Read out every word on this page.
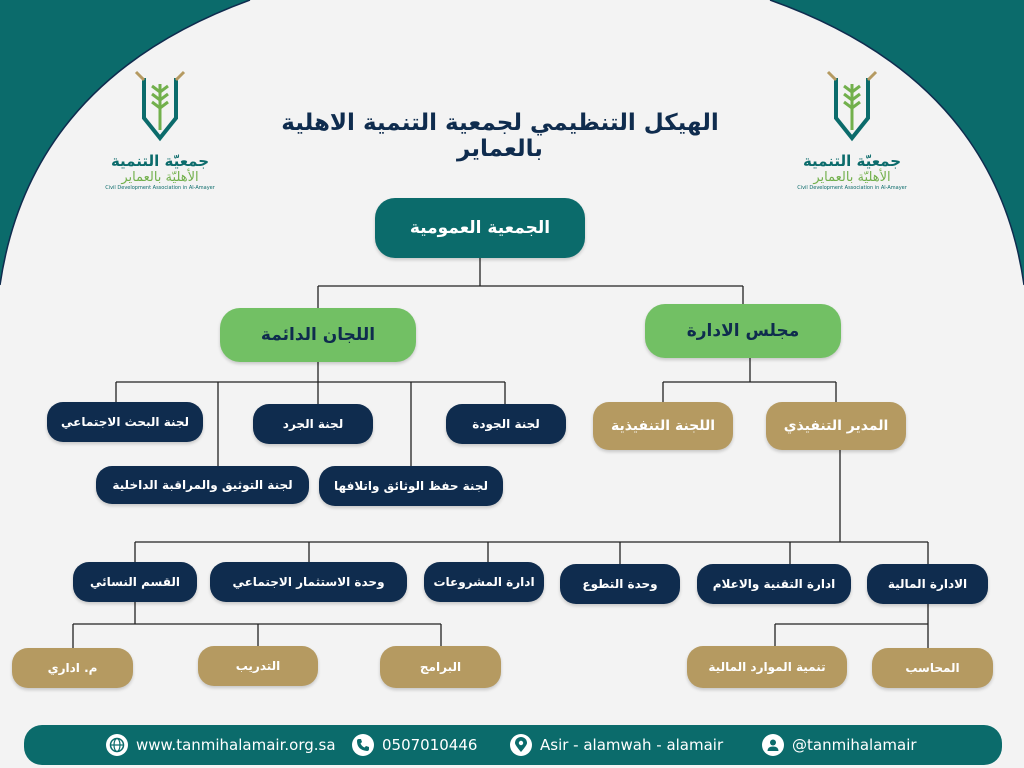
جمعيّة التنمية
الأهليّة بالعماير
Civil Development Association in Al-Amayer
جمعيّة التنمية
الأهليّة بالعماير
Civil Development Association in Al-Amayer
الهيكل التنظيمي لجمعية التنمية الاهلية بالعماير
الجمعية العمومية
اللجان الدائمة	مجلس الادارة
اللجنة التنفيذية	المدير التنفيذي
لجنة البحث الاجتماعي	لجنة الجرد	لجنة الجودة
لجنة التوثيق والمراقبة الداخلية	لجنة حفظ الوثائق واتلافها
القسم النسائي	وحدة الاستثمار الاجتماعي	ادارة المشروعات	وحدة التطوع	ادارة التقنية والاعلام	الادارة المالية
م. اداري	التدريب	البرامج	تنمية الموارد المالية	المحاسب
www.tanmihalamair.org.sa	0507010446	Asir - alamwah - alamair	@tanmihalamair
